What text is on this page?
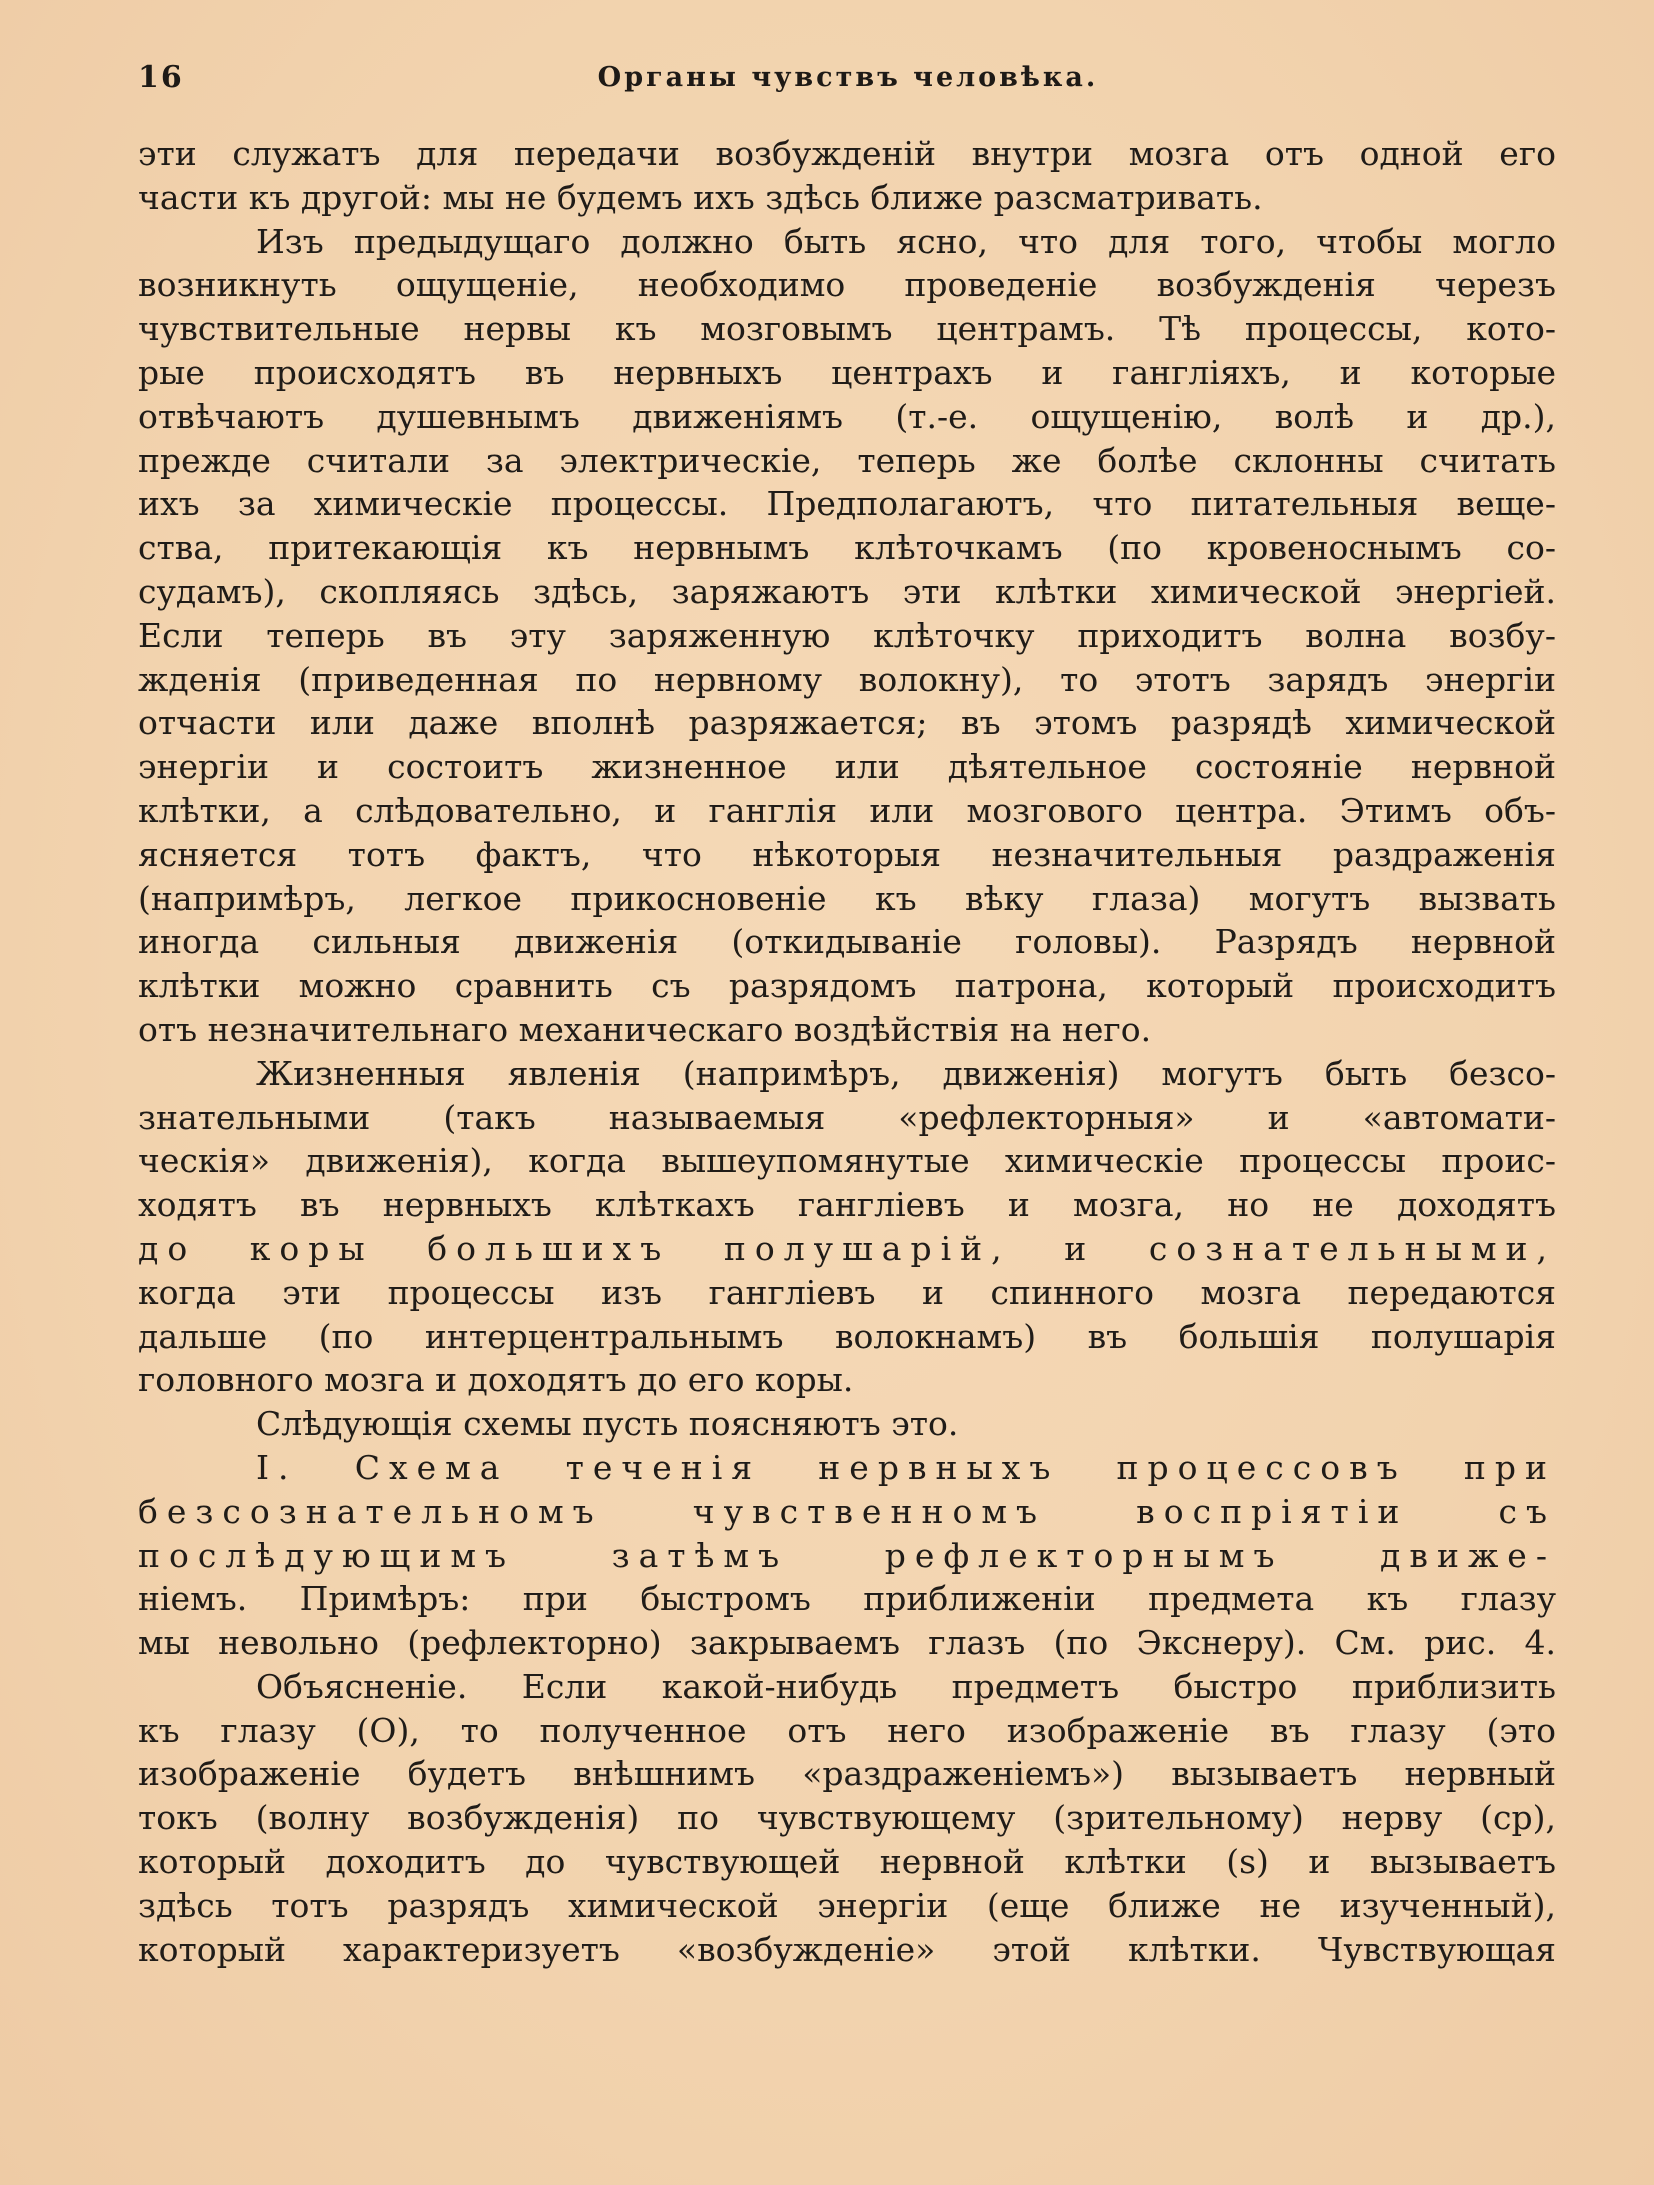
16	Органы чувствъ человѣка.
эти служатъ для передачи возбужденій внутри мозга отъ одной его
части къ другой: мы не будемъ ихъ здѣсь ближе разсматривать.
Изъ предыдущаго должно быть ясно, что для того, чтобы могло
возникнуть ощущеніе, необходимо проведеніе возбужденія черезъ
чувствительные нервы къ мозговымъ центрамъ. Тѣ процессы, кото-
рые происходятъ въ нервныхъ центрахъ и гангліяхъ, и которые
отвѣчаютъ душевнымъ движеніямъ (т.-е. ощущенію, волѣ и др.),
прежде считали за электрическіе, теперь же болѣе склонны считать
ихъ за химическіе процессы. Предполагаютъ, что питательныя веще-
ства, притекающія къ нервнымъ клѣточкамъ (по кровеноснымъ со-
судамъ), скопляясь здѣсь, заряжаютъ эти клѣтки химической энергіей.
Если теперь въ эту заряженную клѣточку приходитъ волна возбу-
жденія (приведенная по нервному волокну), то этотъ зарядъ энергіи
отчасти или даже вполнѣ разряжается; въ этомъ разрядѣ химической
энергіи и состоитъ жизненное или дѣятельное состояніе нервной
клѣтки, а слѣдовательно, и ганглія или мозгового центра. Этимъ объ-
ясняется тотъ фактъ, что нѣкоторыя незначительныя раздраженія
(напримѣръ, легкое прикосновеніе къ вѣку глаза) могутъ вызвать
иногда сильныя движенія (откидываніе головы). Разрядъ нервной
клѣтки можно сравнить съ разрядомъ патрона, который происходитъ
отъ незначительнаго механическаго воздѣйствія на него.
Жизненныя явленія (напримѣръ, движенія) могутъ быть безсо-
знательными (такъ называемыя «рефлекторныя» и «автомати-
ческія» движенія), когда вышеупомянутые химическіе процессы проис-
ходятъ въ нервныхъ клѣткахъ гангліевъ и мозга, но не доходятъ
до коры большихъ полушарій, и сознательными,
когда эти процессы изъ гангліевъ и спинного мозга передаются
дальше (по интерцентральнымъ волокнамъ) въ большія полушарія
головного мозга и доходятъ до его коры.
Слѣдующія схемы пусть поясняютъ это.
I. Схема теченія нервныхъ процессовъ при
безсознательномъ чувственномъ воспріятіи съ
послѣдующимъ затѣмъ рефлекторнымъ движе-
ніемъ. Примѣръ: при быстромъ приближеніи предмета къ глазу
мы невольно (рефлекторно) закрываемъ глазъ (по Экснеру). См. рис. 4.
Объясненіе. Если какой-нибудь предметъ быстро приблизить
къ глазу (O), то полученное отъ него изображеніе въ глазу (это
изображеніе будетъ внѣшнимъ «раздраженіемъ») вызываетъ нервный
токъ (волну возбужденія) по чувствующему (зрительному) нерву (cp),
который доходитъ до чувствующей нервной клѣтки (s) и вызываетъ
здѣсь тотъ разрядъ химической энергіи (еще ближе не изученный),
который характеризуетъ «возбужденіе» этой клѣтки. Чувствующая
